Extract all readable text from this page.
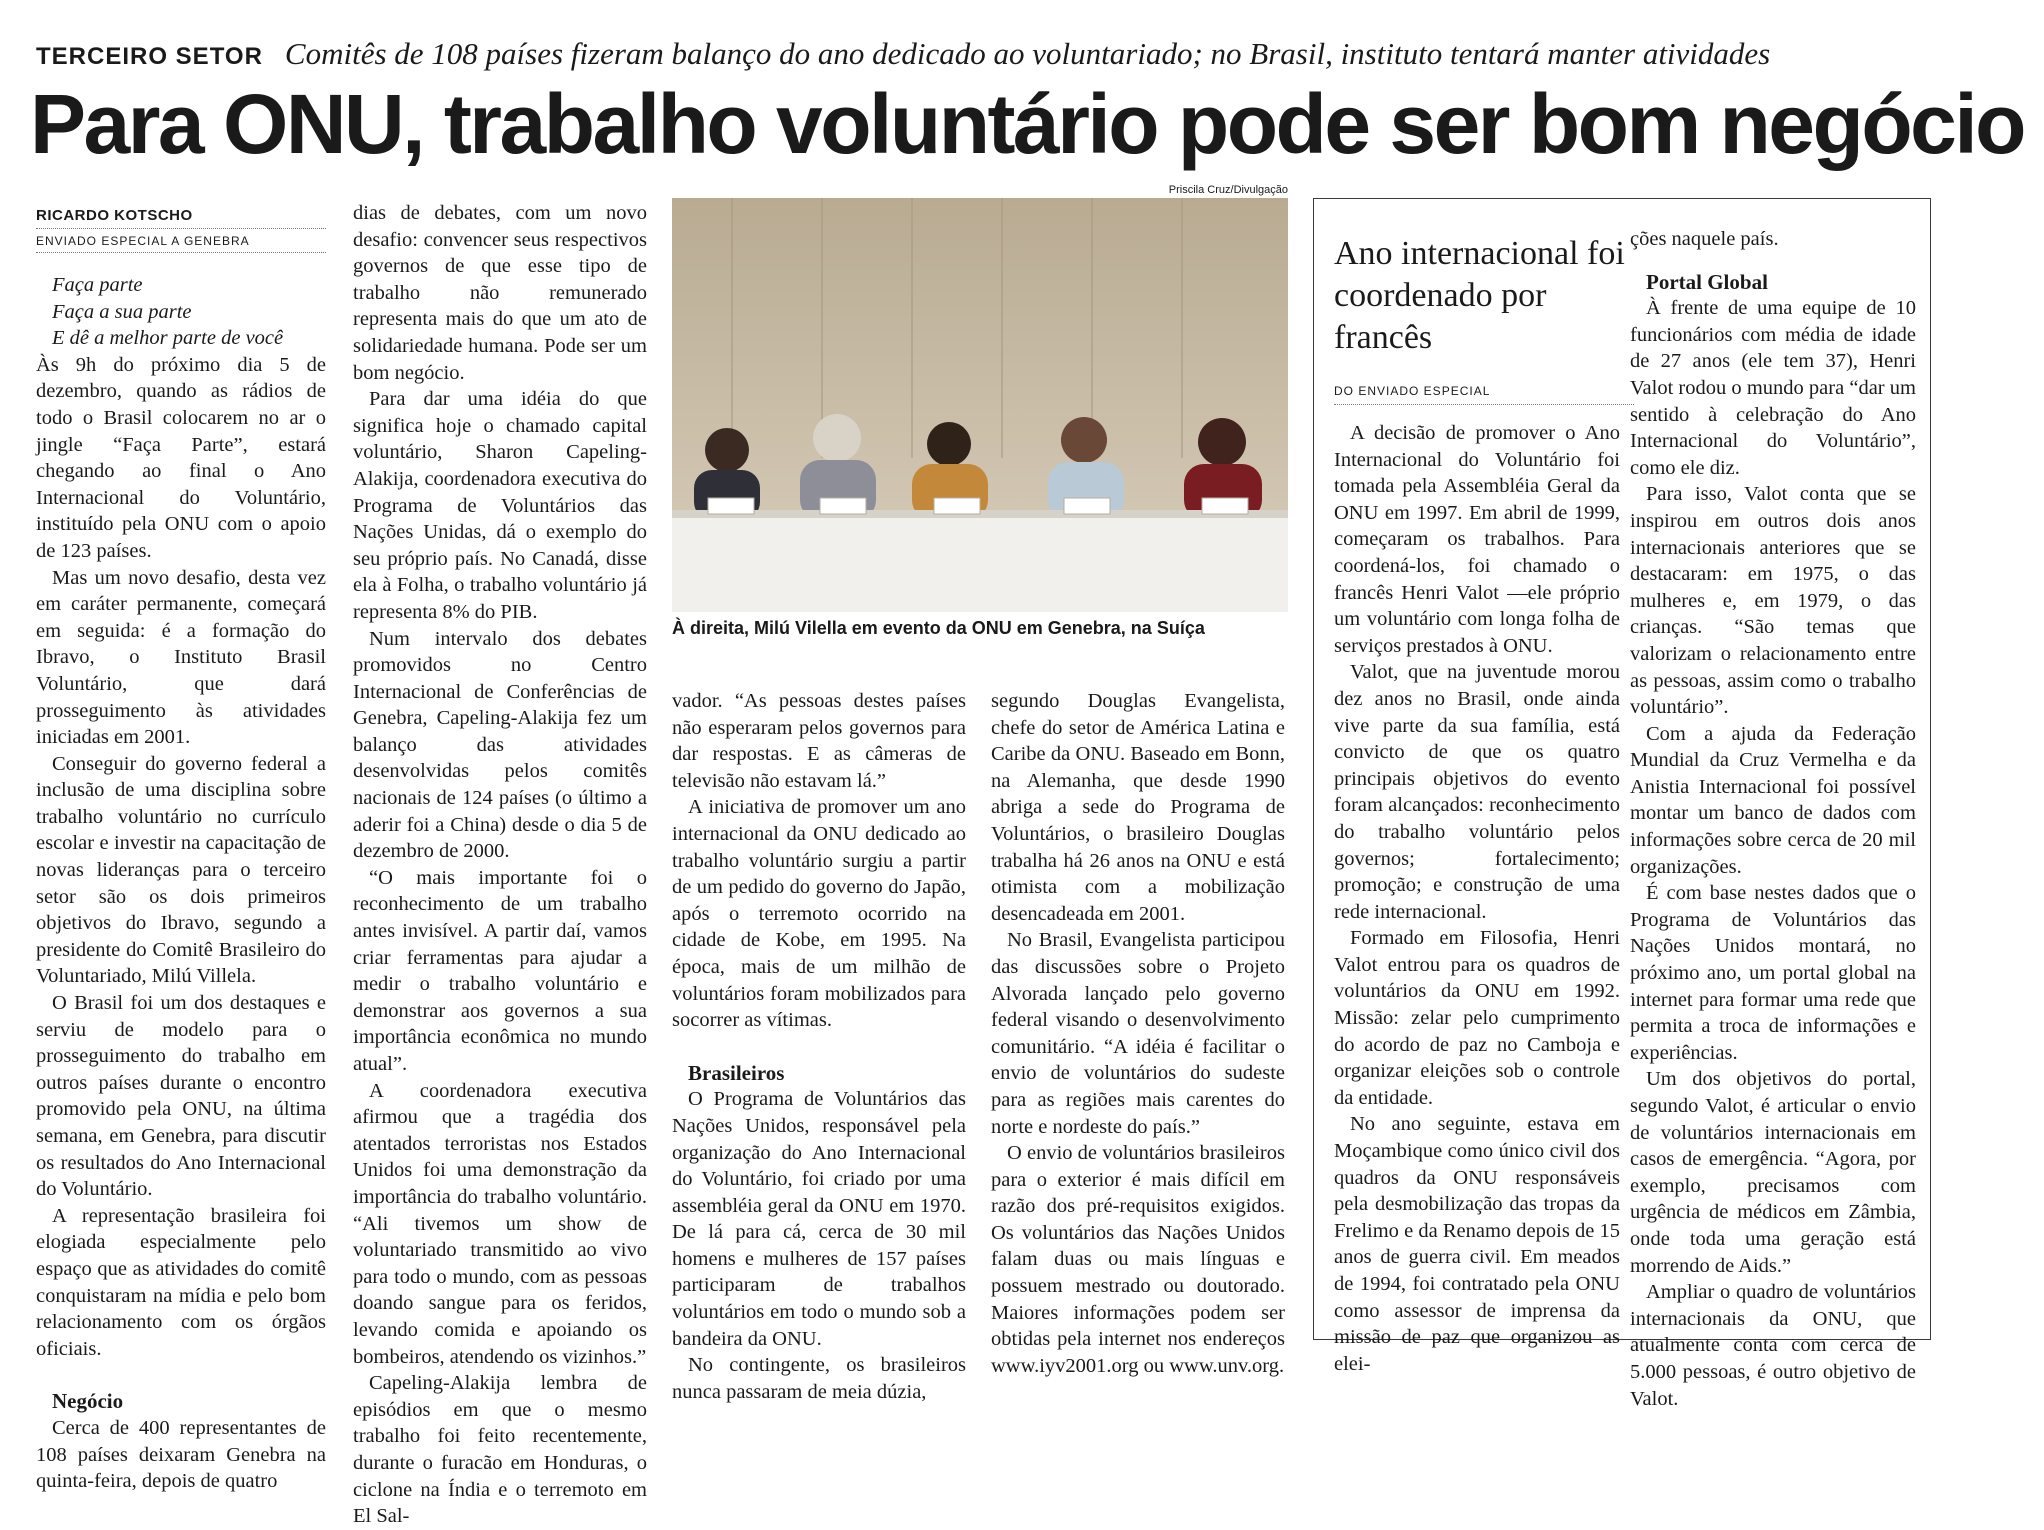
TERCEIRO SETOR Comitês de 108 países fizeram balanço do ano dedicado ao voluntariado; no Brasil, instituto tentará manter atividades
Para ONU, trabalho voluntário pode ser bom negócio
RICARDO KOTSCHO
ENVIADO ESPECIAL A GENEBRA

Faça parte

Faça a sua parte

E dê a melhor parte de você

Às 9h do próximo dia 5 de dezembro, quando as rádios de todo o Brasil colocarem no ar o jingle “Faça Parte”, estará chegando ao final o Ano Internacional do Voluntário, instituído pela ONU com o apoio de 123 países.

Mas um novo desafio, desta vez em caráter permanente, começará em seguida: é a formação do Ibravo, o Instituto Brasil Voluntário, que dará prosseguimento às atividades iniciadas em 2001.

Conseguir do governo federal a inclusão de uma disciplina sobre trabalho voluntário no currículo escolar e investir na capacitação de novas lideranças para o terceiro setor são os dois primeiros objetivos do Ibravo, segundo a presidente do Comitê Brasileiro do Voluntariado, Milú Villela.

O Brasil foi um dos destaques e serviu de modelo para o prosseguimento do trabalho em outros países durante o encontro promovido pela ONU, na última semana, em Genebra, para discutir os resultados do Ano Internacional do Voluntário.

A representação brasileira foi elogiada especialmente pelo espaço que as atividades do comitê conquistaram na mídia e pelo bom relacionamento com os órgãos oficiais.

Negócio

Cerca de 400 representantes de 108 países deixaram Genebra na quinta-feira, depois de quatro

dias de debates, com um novo desafio: convencer seus respectivos governos de que esse tipo de trabalho não remunerado representa mais do que um ato de solidariedade humana. Pode ser um bom negócio.

Para dar uma idéia do que significa hoje o chamado capital voluntário, Sharon Capeling-Alakija, coordenadora executiva do Programa de Voluntários das Nações Unidas, dá o exemplo do seu próprio país. No Canadá, disse ela à Folha, o trabalho voluntário já representa 8% do PIB.

Num intervalo dos debates promovidos no Centro Internacional de Conferências de Genebra, Capeling-Alakija fez um balanço das atividades desenvolvidas pelos comitês nacionais de 124 países (o último a aderir foi a China) desde o dia 5 de dezembro de 2000.

“O mais importante foi o reconhecimento de um trabalho antes invisível. A partir daí, vamos criar ferramentas para ajudar a medir o trabalho voluntário e demonstrar aos governos a sua importância econômica no mundo atual”.

A coordenadora executiva afirmou que a tragédia dos atentados terroristas nos Estados Unidos foi uma demonstração da importância do trabalho voluntário. “Ali tivemos um show de voluntariado transmitido ao vivo para todo o mundo, com as pessoas doando sangue para os feridos, levando comida e apoiando os bombeiros, atendendo os vizinhos.”

Capeling-Alakija lembra de episódios em que o mesmo trabalho foi feito recentemente, durante o furacão em Honduras, o ciclone na Índia e o terremoto em El Sal-

Priscila Cruz/Divulgação
À direita, Milú Vilella em evento da ONU em Genebra, na Suíça

vador. “As pessoas destes países não esperaram pelos governos para dar respostas. E as câmeras de televisão não estavam lá.”

A iniciativa de promover um ano internacional da ONU dedicado ao trabalho voluntário surgiu a partir de um pedido do governo do Japão, após o terremoto ocorrido na cidade de Kobe, em 1995. Na época, mais de um milhão de voluntários foram mobilizados para socorrer as vítimas.

Brasileiros

O Programa de Voluntários das Nações Unidos, responsável pela organização do Ano Internacional do Voluntário, foi criado por uma assembléia geral da ONU em 1970. De lá para cá, cerca de 30 mil homens e mulheres de 157 países participaram de trabalhos voluntários em todo o mundo sob a bandeira da ONU.

No contingente, os brasileiros nunca passaram de meia dúzia,

segundo Douglas Evangelista, chefe do setor de América Latina e Caribe da ONU. Baseado em Bonn, na Alemanha, que desde 1990 abriga a sede do Programa de Voluntários, o brasileiro Douglas trabalha há 26 anos na ONU e está otimista com a mobilização desencadeada em 2001.

No Brasil, Evangelista participou das discussões sobre o Projeto Alvorada lançado pelo governo federal visando o desenvolvimento comunitário. “A idéia é facilitar o envio de voluntários do sudeste para as regiões mais carentes do norte e nordeste do país.”

O envio de voluntários brasileiros para o exterior é mais difícil em razão dos pré-requisitos exigidos. Os voluntários das Nações Unidos falam duas ou mais línguas e possuem mestrado ou doutorado. Maiores informações podem ser obtidas pela internet nos endereços www.iyv2001.org ou www.unv.org.

Ano internacional foi coordenado por francês
DO ENVIADO ESPECIAL

A decisão de promover o Ano Internacional do Voluntário foi tomada pela Assembléia Geral da ONU em 1997. Em abril de 1999, começaram os trabalhos. Para coordená-los, foi chamado o francês Henri Valot —ele próprio um voluntário com longa folha de serviços prestados à ONU.

Valot, que na juventude morou dez anos no Brasil, onde ainda vive parte da sua família, está convicto de que os quatro principais objetivos do evento foram alcançados: reconhecimento do trabalho voluntário pelos governos; fortalecimento; promoção; e construção de uma rede internacional.

Formado em Filosofia, Henri Valot entrou para os quadros de voluntários da ONU em 1992. Missão: zelar pelo cumprimento do acordo de paz no Camboja e organizar eleições sob o controle da entidade.

No ano seguinte, estava em Moçambique como único civil dos quadros da ONU responsáveis pela desmobilização das tropas da Frelimo e da Renamo depois de 15 anos de guerra civil. Em meados de 1994, foi contratado pela ONU como assessor de imprensa da missão de paz que organizou as elei-

ções naquele país.

Portal Global

À frente de uma equipe de 10 funcionários com média de idade de 27 anos (ele tem 37), Henri Valot rodou o mundo para “dar um sentido à celebração do Ano Internacional do Voluntário”, como ele diz.

Para isso, Valot conta que se inspirou em outros dois anos internacionais anteriores que se destacaram: em 1975, o das mulheres e, em 1979, o das crianças. “São temas que valorizam o relacionamento entre as pessoas, assim como o trabalho voluntário”.

Com a ajuda da Federação Mundial da Cruz Vermelha e da Anistia Internacional foi possível montar um banco de dados com informações sobre cerca de 20 mil organizações.

É com base nestes dados que o Programa de Voluntários das Nações Unidos montará, no próximo ano, um portal global na internet para formar uma rede que permita a troca de informações e experiências.

Um dos objetivos do portal, segundo Valot, é articular o envio de voluntários internacionais em casos de emergência. “Agora, por exemplo, precisamos com urgência de médicos em Zâmbia, onde toda uma geração está morrendo de Aids.”

Ampliar o quadro de voluntários internacionais da ONU, que atualmente conta com cerca de 5.000 pessoas, é outro objetivo de Valot.
